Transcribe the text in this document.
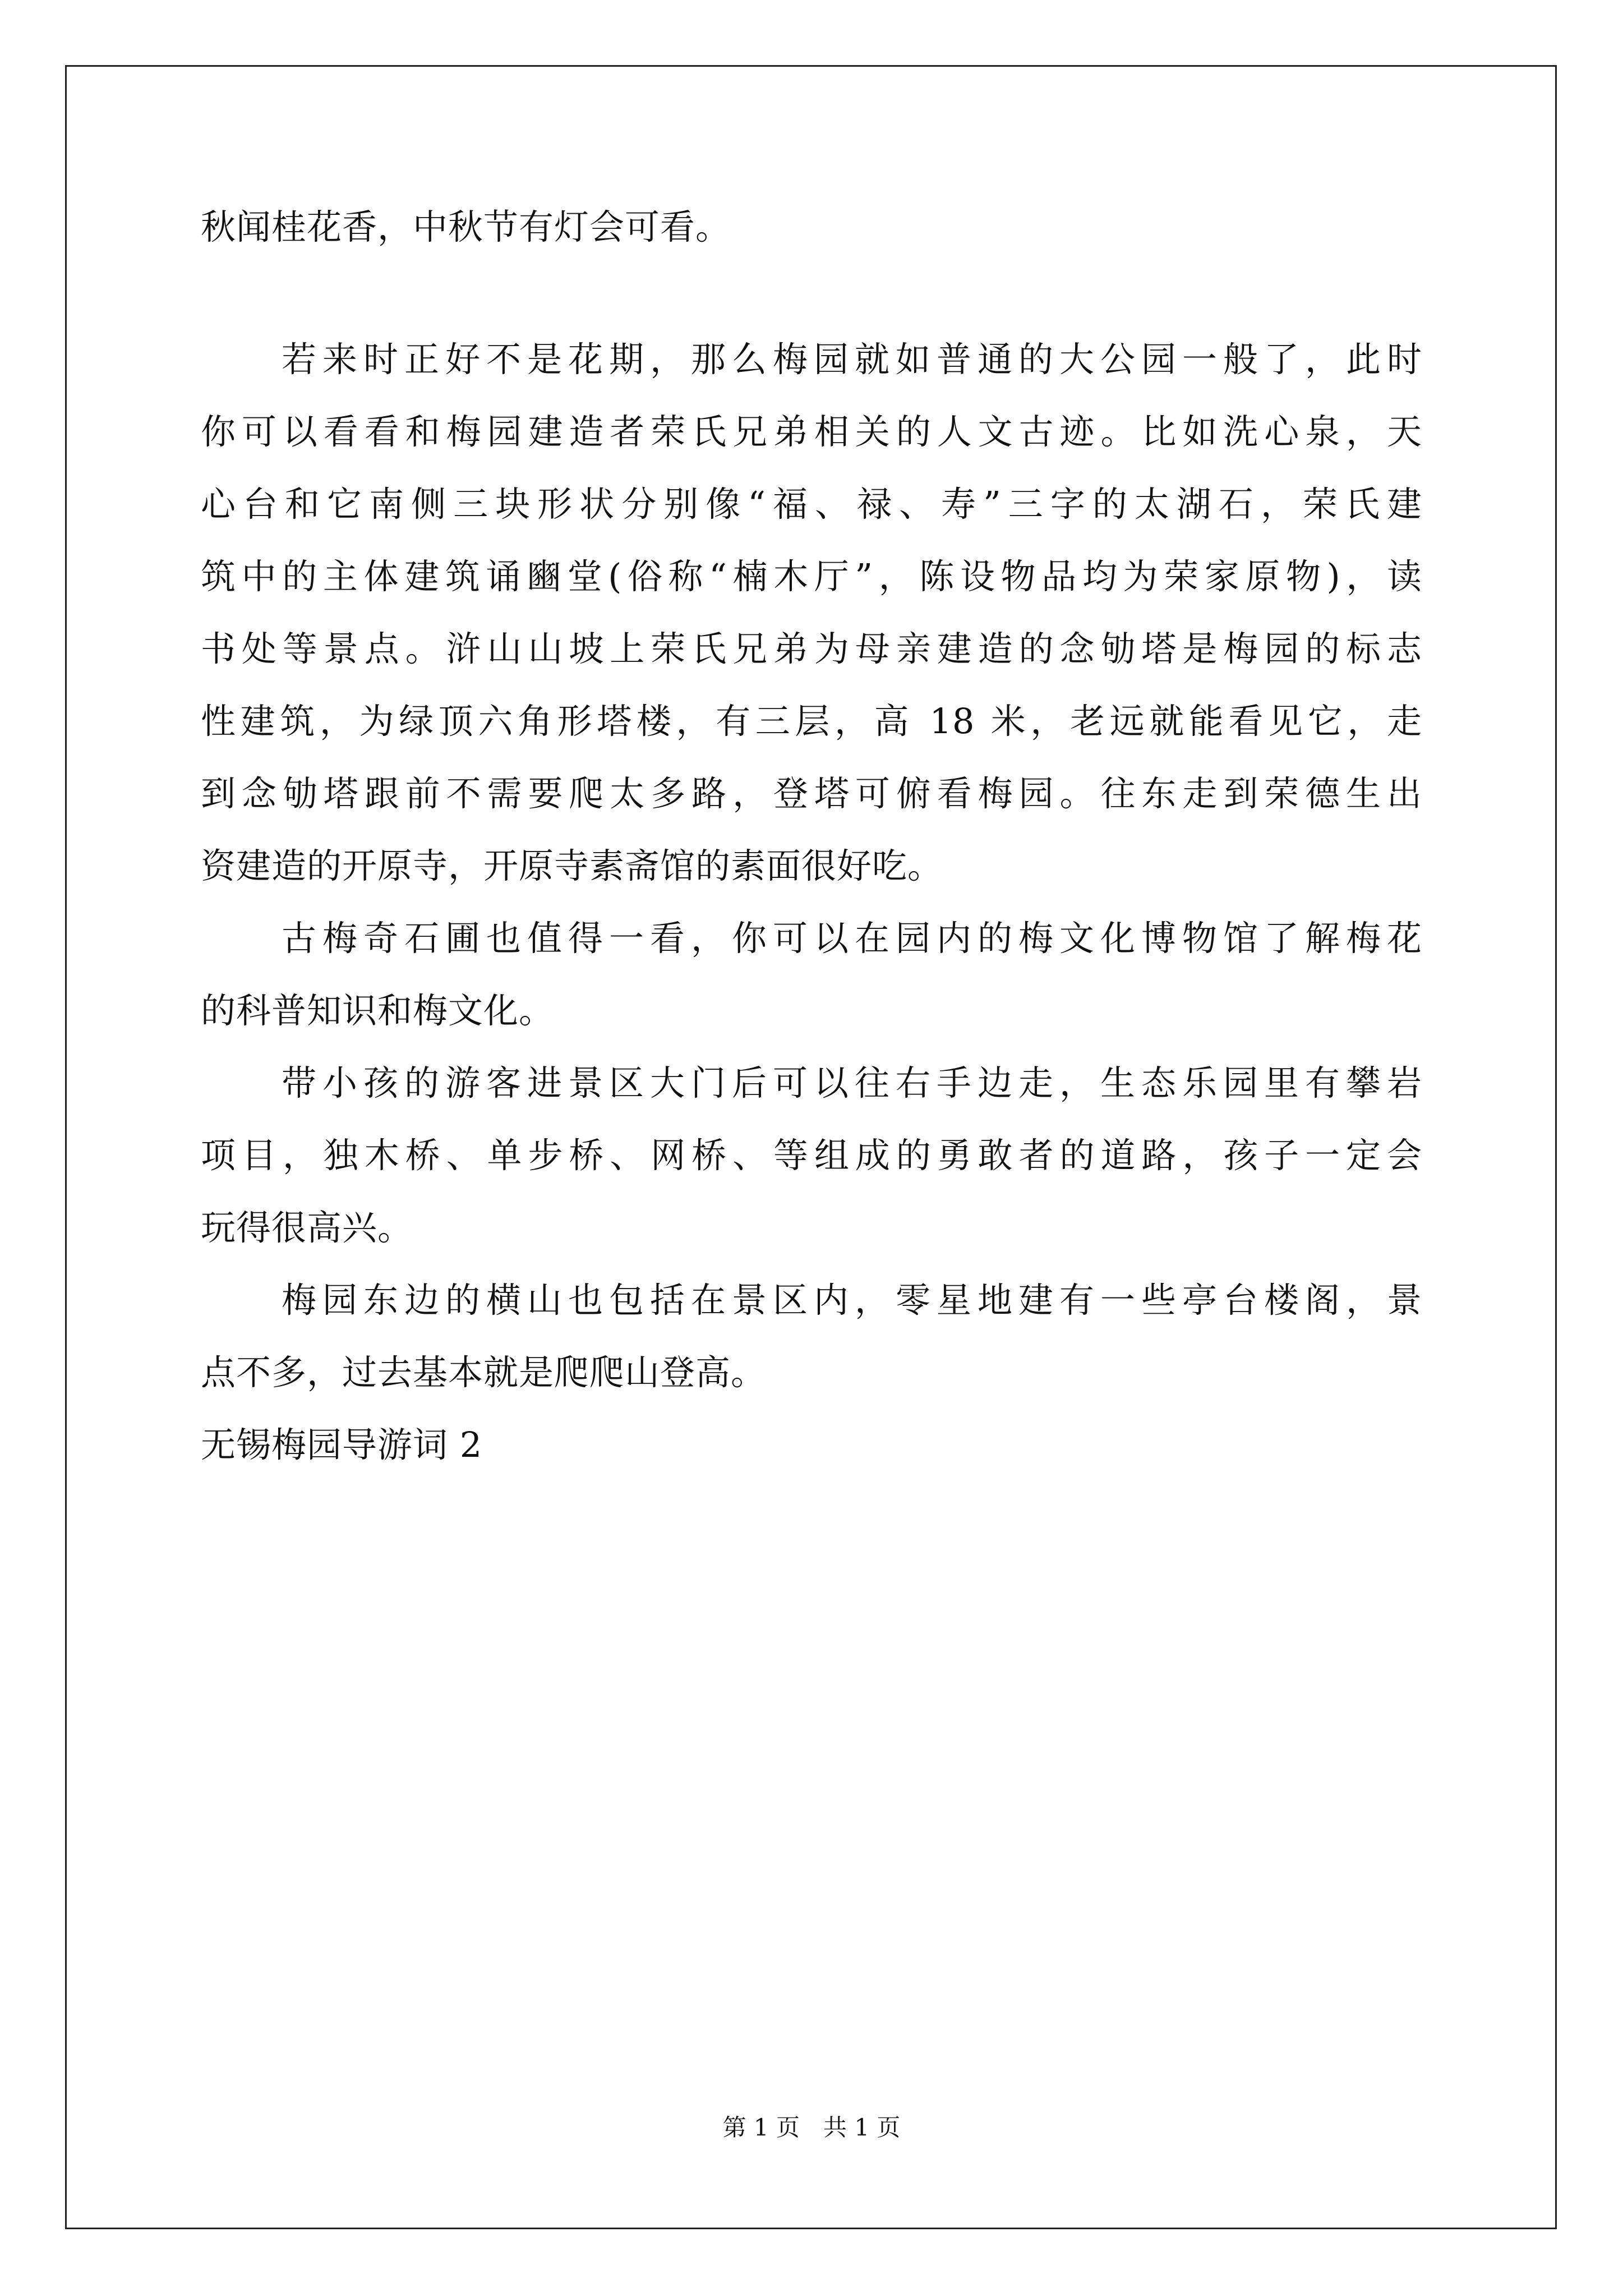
秋闻桂花香，中秋节有灯会可看。
若来时正好不是花期，那么梅园就如普通的大公园一般了，此时
你可以看看和梅园建造者荣氏兄弟相关的人文古迹。比如洗心泉，天
心台和它南侧三块形状分别像“福、禄、寿”三字的太湖石，荣氏建
筑中的主体建筑诵豳堂(俗称“楠木厅”，陈设物品均为荣家原物)，读
书处等景点。浒山山坡上荣氏兄弟为母亲建造的念劬塔是梅园的标志
性建筑，为绿顶六角形塔楼，有三层，高 18 米，老远就能看见它，走
到念劬塔跟前不需要爬太多路，登塔可俯看梅园。往东走到荣德生出
资建造的开原寺，开原寺素斋馆的素面很好吃。
古梅奇石圃也值得一看，你可以在园内的梅文化博物馆了解梅花
的科普知识和梅文化。
带小孩的游客进景区大门后可以往右手边走，生态乐园里有攀岩
项目，独木桥、单步桥、网桥、等组成的勇敢者的道路，孩子一定会
玩得很高兴。
梅园东边的横山也包括在景区内，零星地建有一些亭台楼阁，景
点不多，过去基本就是爬爬山登高。
无锡梅园导游词 2
第 1 页　共 1 页
